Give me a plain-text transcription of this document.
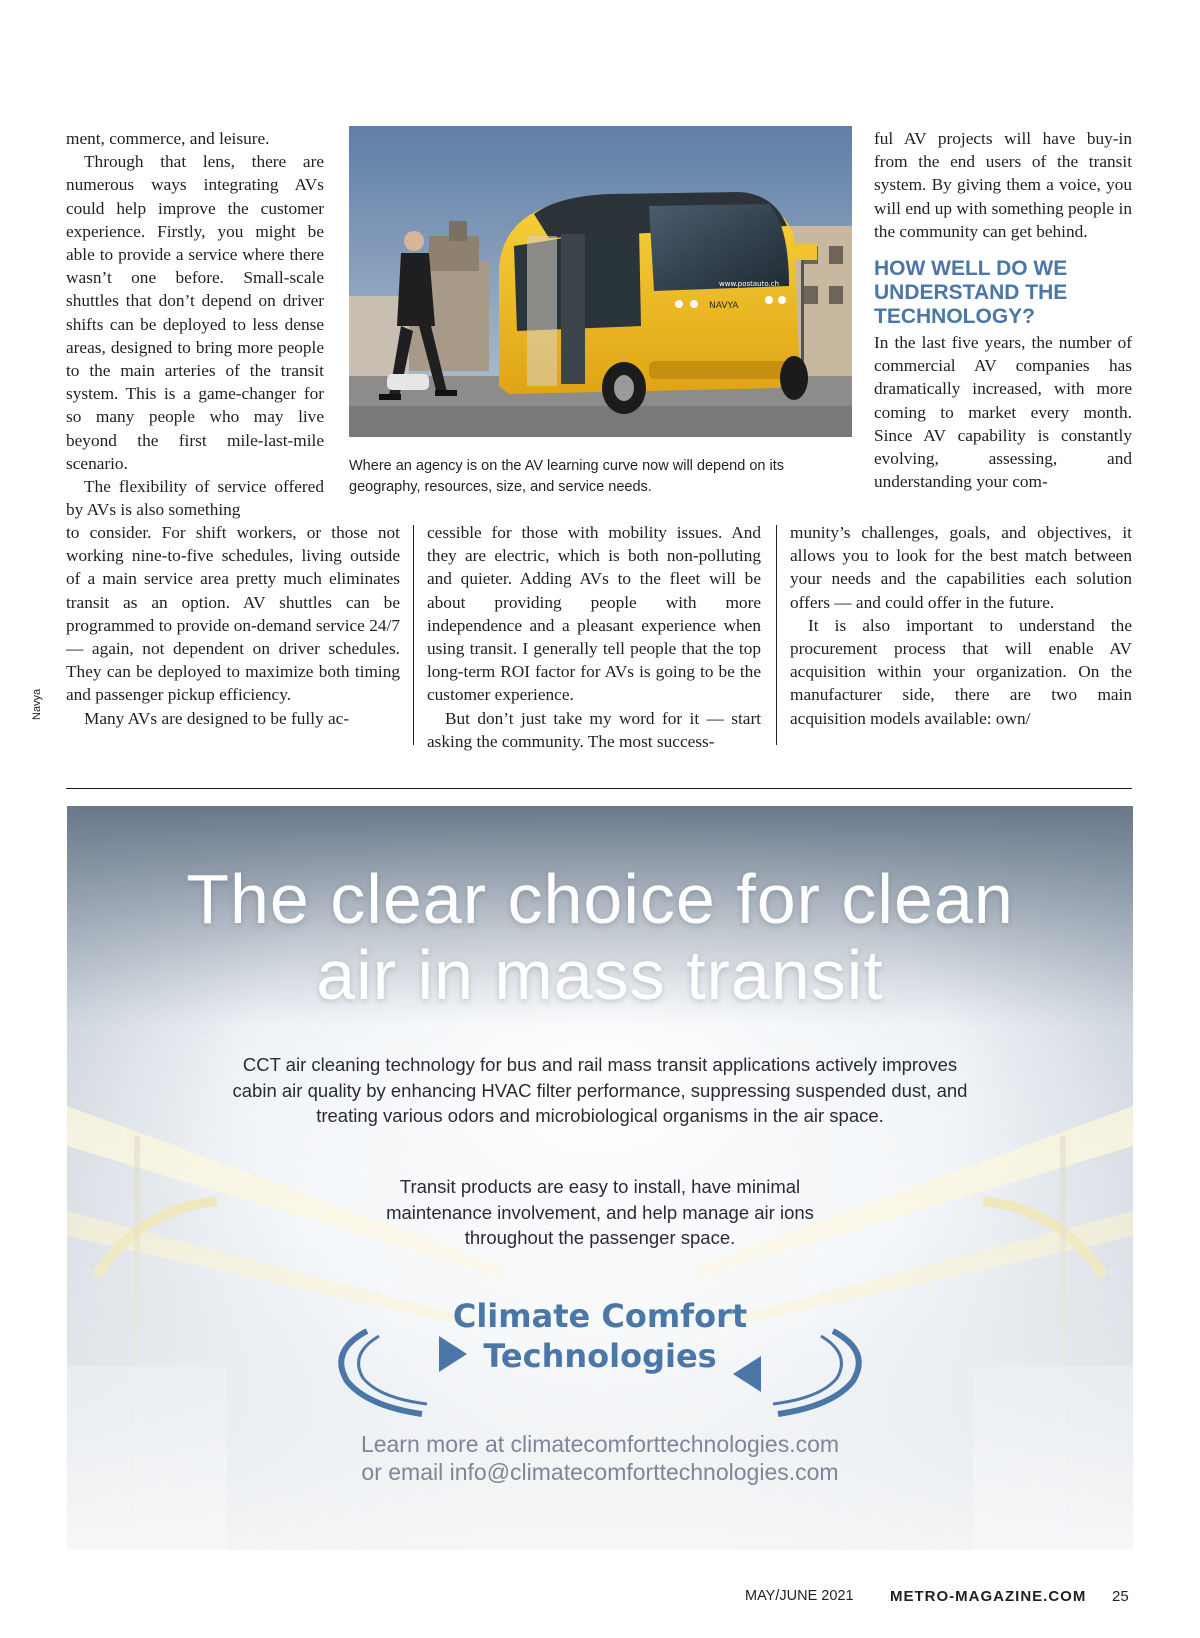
ment, commerce, and leisure.

Through that lens, there are numerous ways integrating AVs could help improve the customer experience. Firstly, you might be able to provide a service where there wasn’t one before. Small-scale shuttles that don’t depend on driver shifts can be deployed to less dense areas, designed to bring more people to the main arteries of the transit system. This is a game-changer for so many people who may live beyond the first mile-last-mile scenario.

The flexibility of service offered by AVs is also something

to consider. For shift workers, or those not working nine-to-five schedules, living outside of a main service area pretty much eliminates transit as an option. AV shuttles can be programmed to provide on-demand service 24/7 — again, not dependent on driver schedules. They can be deployed to maximize both timing and passenger pickup efficiency.

Many AVs are designed to be fully ac-

cessible for those with mobility issues. And they are electric, which is both non-polluting and quieter. Adding AVs to the fleet will be about providing people with more independence and a pleasant experience when using transit. I generally tell people that the top long-term ROI factor for AVs is going to be the customer experience.

But don’t just take my word for it — start asking the community. The most success-

ful AV projects will have buy-in from the end users of the transit system. By giving them a voice, you will end up with something people in the community can get behind.

HOW WELL DO WE UNDERSTAND THE TECHNOLOGY?

In the last five years, the number of commercial AV companies has dramatically increased, with more coming to market every month. Since AV capability is constantly evolving, assessing, and understanding your com-

munity’s challenges, goals, and objectives, it allows you to look for the best match between your needs and the capabilities each solution offers — and could offer in the future.

It is also important to understand the procurement process that will enable AV acquisition within your organization. On the manufacturer side, there are two main acquisition models available: own/

NAVYA
www.postauto.ch
Where an agency is on the AV learning curve now will depend on its geography, resources, size, and service needs.
Navya
The clear choice for clean
air in mass transit
CCT air cleaning technology for bus and rail mass transit applications actively improves cabin air quality by enhancing HVAC filter performance, suppressing suspended dust, and treating various odors and microbiological organisms in the air space.
Transit products are easy to install, have minimal maintenance involvement, and help manage air ions throughout the passenger space.
Climate Comfort
Technologies
Learn more at climatecomforttechnologies.com
or email info@climatecomforttechnologies.com
MAY/JUNE 2021 METRO-MAGAZINE.COM 25
